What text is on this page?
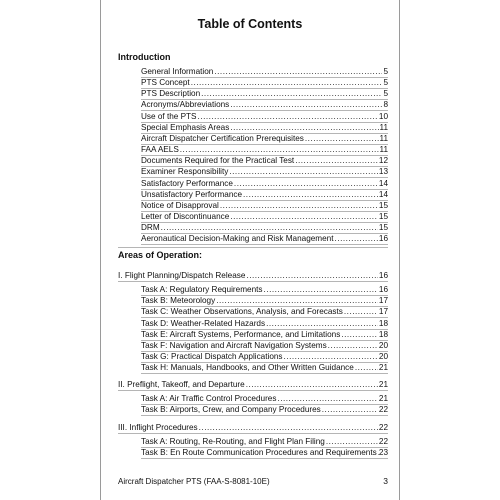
Table of Contents
Introduction
General Information .....	5
PTS Concept .....	5
PTS Description .....	5
Acronyms/Abbreviations .....	8
Use of the PTS .....	10
Special Emphasis Areas .....	11
Aircraft Dispatcher Certification Prerequisites .....	11
FAA AELS .....	11
Documents Required for the Practical Test .....	12
Examiner Responsibility .....	13
Satisfactory Performance .....	14
Unsatisfactory Performance .....	14
Notice of Disapproval .....	15
Letter of Discontinuance .....	15
DRM .....	15
Aeronautical Decision-Making and Risk Management .....	16
Areas of Operation:
I. Flight Planning/Dispatch Release .....	16
Task A: Regulatory Requirements .....	16
Task B: Meteorology .....	17
Task C: Weather Observations, Analysis, and Forecasts .....	17
Task D: Weather-Related Hazards .....	18
Task E: Aircraft Systems, Performance, and Limitations .....	18
Task F: Navigation and Aircraft Navigation Systems .....	20
Task G: Practical Dispatch Applications .....	20
Task H: Manuals, Handbooks, and Other Written Guidance .....	21
II. Preflight, Takeoff, and Departure .....	21
Task A: Air Traffic Control Procedures .....	21
Task B: Airports, Crew, and Company Procedures .....	22
III. Inflight Procedures .....	22
Task A: Routing, Re-Routing, and Flight Plan Filing .....	22
Task B: En Route Communication Procedures and Requirements ..... 23
Aircraft Dispatcher PTS (FAA-S-8081-10E)	3
